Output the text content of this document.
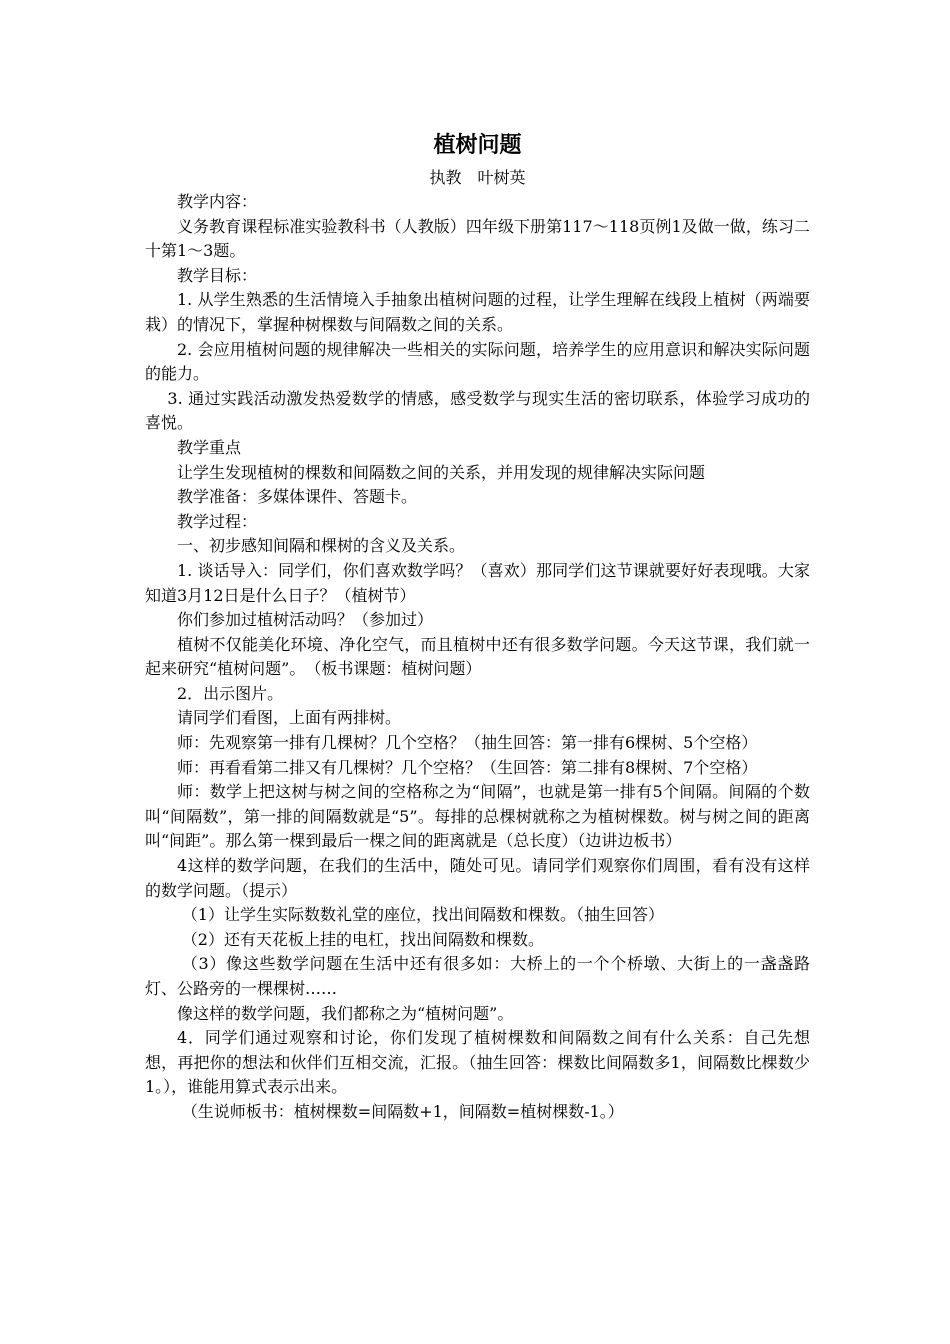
植树问题
执教　叶树英

教学内容：

义务教育课程标准实验教科书（人教版）四年级下册第117～118页例1及做一做，练习二十第1～3题。

教学目标：

1. 从学生熟悉的生活情境入手抽象出植树问题的过程，让学生理解在线段上植树（两端要栽）的情况下，掌握种树棵数与间隔数之间的关系。

2. 会应用植树问题的规律解决一些相关的实际问题，培养学生的应用意识和解决实际问题的能力。

3. 通过实践活动激发热爱数学的情感，感受数学与现实生活的密切联系，体验学习成功的喜悦。

教学重点

让学生发现植树的棵数和间隔数之间的关系，并用发现的规律解决实际问题

教学准备：多媒体课件、答题卡。

教学过程：

一、初步感知间隔和棵树的含义及关系。

1. 谈话导入：同学们，你们喜欢数学吗？（喜欢）那同学们这节课就要好好表现哦。大家知道3月12日是什么日子？（植树节）

你们参加过植树活动吗？（参加过）

植树不仅能美化环境、净化空气，而且植树中还有很多数学问题。今天这节课，我们就一起来研究“植树问题”。　（板书课题：植树问题）

2．出示图片。

请同学们看图，上面有两排树。

师：先观察第一排有几棵树？几个空格？（抽生回答：第一排有6棵树、5个空格）

师：再看看第二排又有几棵树？几个空格？（生回答：第二排有8棵树、7个空格）

师：数学上把这树与树之间的空格称之为“间隔”，也就是第一排有5个间隔。间隔的个数叫“间隔数”，第一排的间隔数就是“5”。每排的总棵树就称之为植树棵数。树与树之间的距离叫“间距”。那么第一棵到最后一棵之间的距离就是（总长度）（边讲边板书）

4这样的数学问题，在我们的生活中，随处可见。请同学们观察你们周围，看有没有这样的数学问题。（提示）

（1）让学生实际数数礼堂的座位，找出间隔数和棵数。（抽生回答）

（2）还有天花板上挂的电杠，找出间隔数和棵数。

（3）像这些数学问题在生活中还有很多如：大桥上的一个个桥墩、大街上的一盏盏路灯、公路旁的一棵棵树……

像这样的数学问题，我们都称之为“植树问题”。

4．同学们通过观察和讨论，你们发现了植树棵数和间隔数之间有什么关系：自己先想想，再把你的想法和伙伴们互相交流，汇报。（抽生回答：棵数比间隔数多1，间隔数比棵数少1。），谁能用算式表示出来。

（生说师板书：植树棵数=间隔数+1，间隔数=植树棵数-1。）
